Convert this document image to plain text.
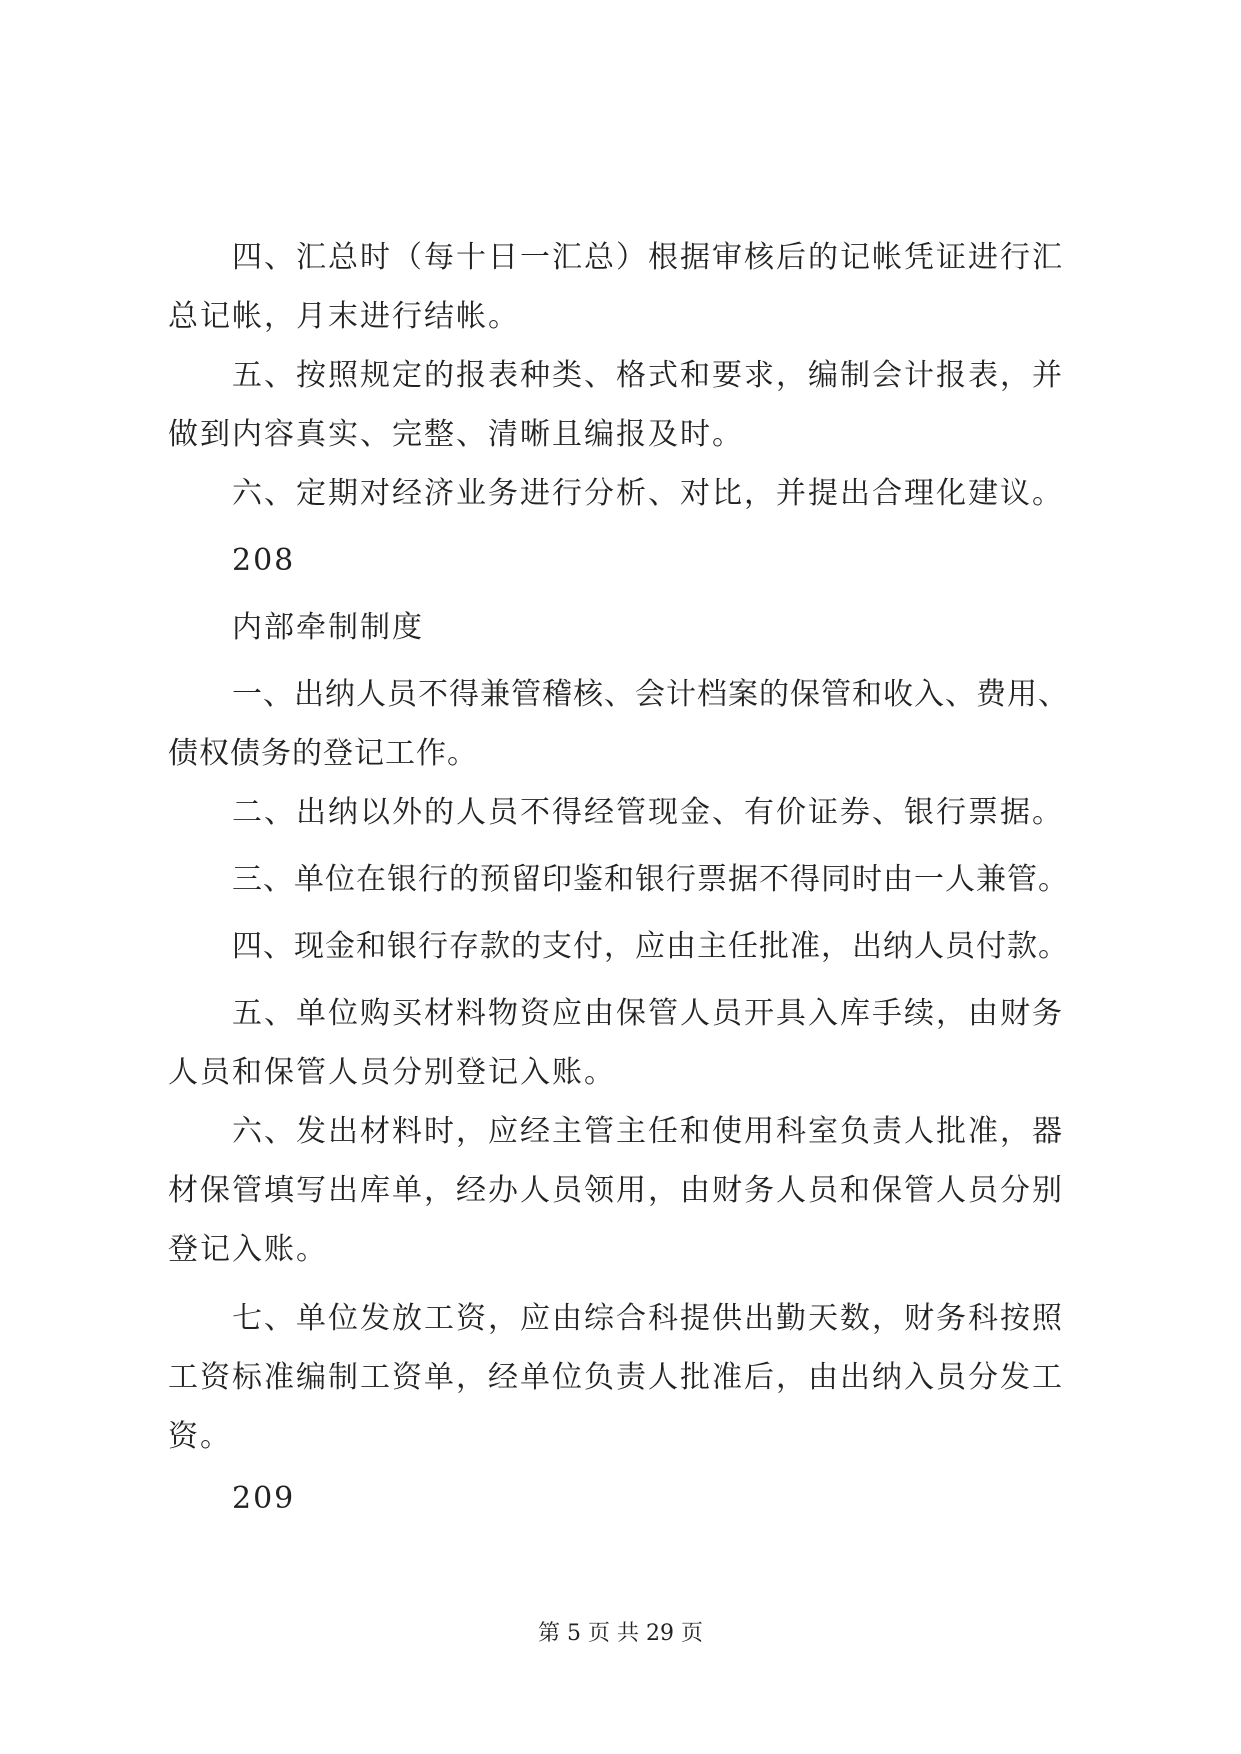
四、汇总时（每十日一汇总）根据审核后的记帐凭证进行汇总记帐，月末进行结帐。

五、按照规定的报表种类、格式和要求，编制会计报表，并做到内容真实、完整、清晰且编报及时。

六、定期对经济业务进行分析、对比，并提出合理化建议。

208

内部牵制制度

一、出纳人员不得兼管稽核、会计档案的保管和收入、费用、债权债务的登记工作。

二、出纳以外的人员不得经管现金、有价证券、银行票据。

三、单位在银行的预留印鉴和银行票据不得同时由一人兼管。

四、现金和银行存款的支付，应由主任批准，出纳人员付款。

五、单位购买材料物资应由保管人员开具入库手续，由财务人员和保管人员分别登记入账。

六、发出材料时，应经主管主任和使用科室负责人批准，器材保管填写出库单，经办人员领用，由财务人员和保管人员分别登记入账。

七、单位发放工资，应由综合科提供出勤天数，财务科按照工资标准编制工资单，经单位负责人批准后，由出纳入员分发工资。

209

第 5 页 共 29 页
